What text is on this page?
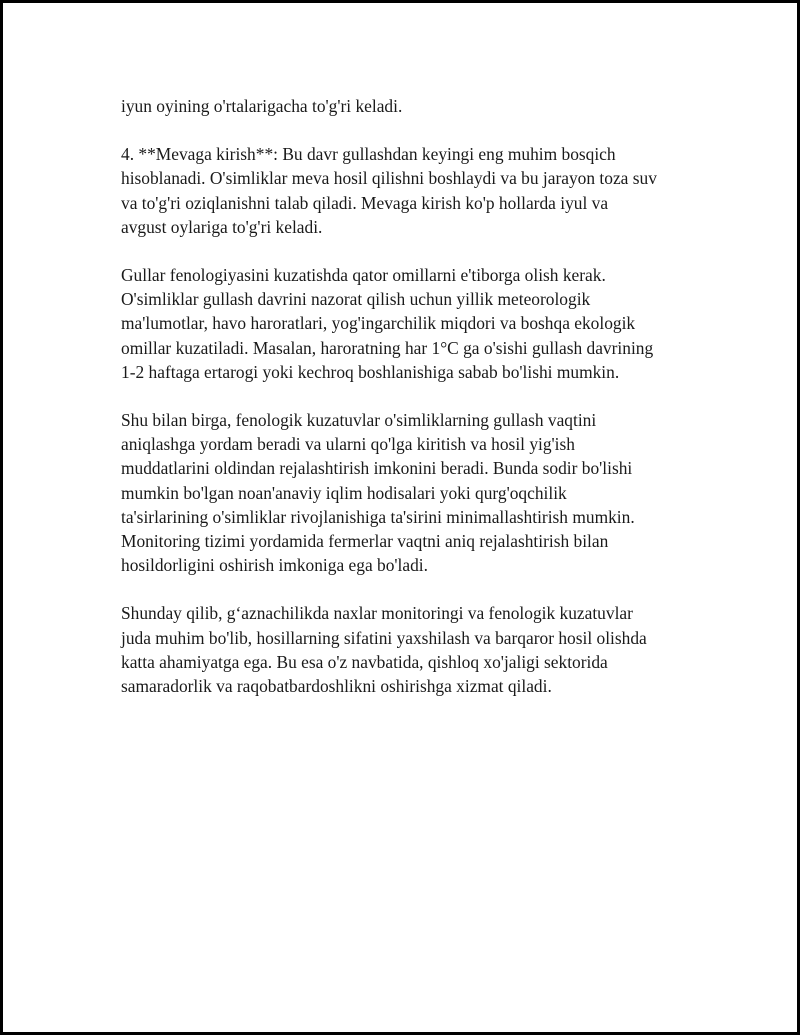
iyun oyining o'rtalarigacha to'g'ri keladi.

4. **Mevaga kirish**: Bu davr gullashdan keyingi eng muhim bosqich
hisoblanadi. O'simliklar meva hosil qilishni boshlaydi va bu jarayon toza suv
va to'g'ri oziqlanishni talab qiladi. Mevaga kirish ko'p hollarda iyul va
avgust oylariga to'g'ri keladi.

Gullar fenologiyasini kuzatishda qator omillarni e'tiborga olish kerak.
O'simliklar gullash davrini nazorat qilish uchun yillik meteorologik
ma'lumotlar, havo haroratlari, yog'ingarchilik miqdori va boshqa ekologik
omillar kuzatiladi. Masalan, haroratning har 1°C ga o'sishi gullash davrining
1-2 haftaga ertarogi yoki kechroq boshlanishiga sabab bo'lishi mumkin.

Shu bilan birga, fenologik kuzatuvlar o'simliklarning gullash vaqtini
aniqlashga yordam beradi va ularni qo'lga kiritish va hosil yig'ish
muddatlarini oldindan rejalashtirish imkonini beradi. Bunda sodir bo'lishi
mumkin bo'lgan noan'anaviy iqlim hodisalari yoki qurg'oqchilik
ta'sirlarining o'simliklar rivojlanishiga ta'sirini minimallashtirish mumkin.
Monitoring tizimi yordamida fermerlar vaqtni aniq rejalashtirish bilan
hosildorligini oshirish imkoniga ega bo'ladi.

Shunday qilib, g‘aznachilikda naxlar monitoringi va fenologik kuzatuvlar
juda muhim bo'lib, hosillarning sifatini yaxshilash va barqaror hosil olishda
katta ahamiyatga ega. Bu esa o'z navbatida, qishloq xo'jaligi sektorida
samaradorlik va raqobatbardoshlikni oshirishga xizmat qiladi.
